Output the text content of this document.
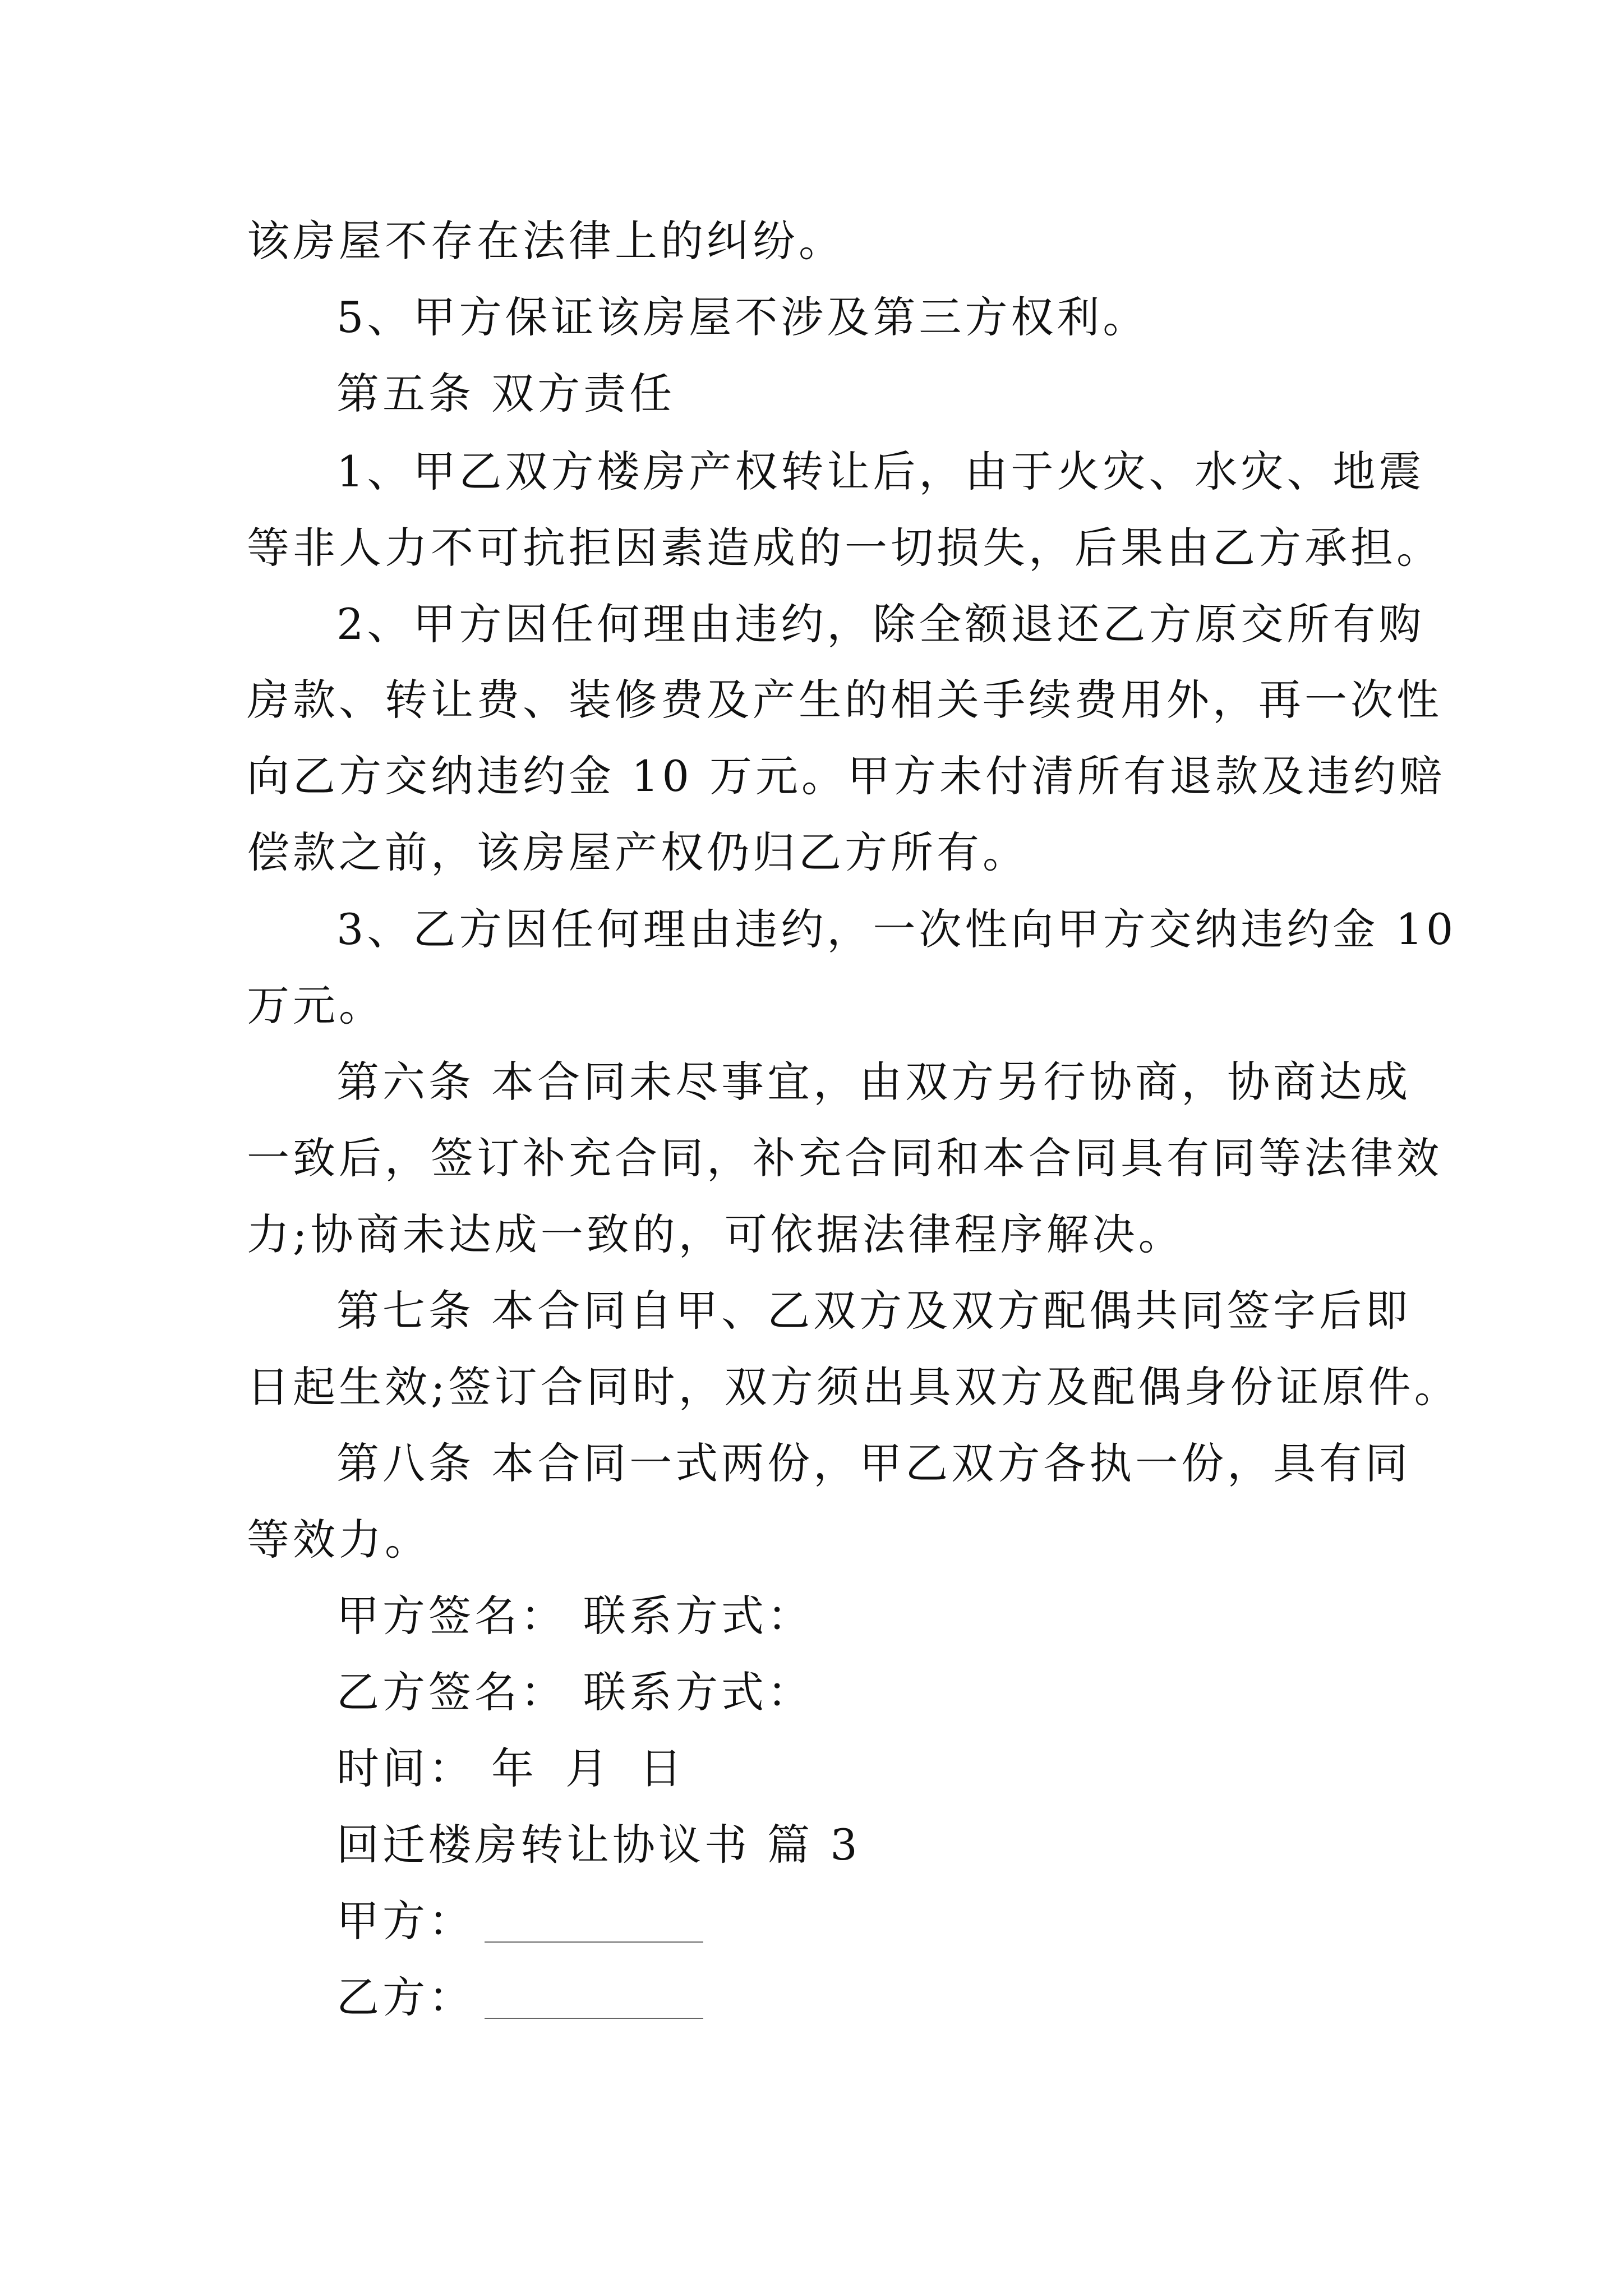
该房屋不存在法律上的纠纷。
5、甲方保证该房屋不涉及第三方权利。
第五条 双方责任
1、甲乙双方楼房产权转让后，由于火灾、水灾、地震
等非人力不可抗拒因素造成的一切损失，后果由乙方承担。
2、甲方因任何理由违约，除全额退还乙方原交所有购
房款、转让费、装修费及产生的相关手续费用外，再一次性
向乙方交纳违约金 10 万元。甲方未付清所有退款及违约赔
偿款之前，该房屋产权仍归乙方所有。
3、乙方因任何理由违约，一次性向甲方交纳违约金 10
万元。
第六条 本合同未尽事宜，由双方另行协商，协商达成
一致后，签订补充合同，补充合同和本合同具有同等法律效
力;协商未达成一致的，可依据法律程序解决。
第七条 本合同自甲、乙双方及双方配偶共同签字后即
日起生效;签订合同时，双方须出具双方及配偶身份证原件。
第八条 本合同一式两份，甲乙双方各执一份，具有同
等效力。
甲方签名： 联系方式：
乙方签名： 联系方式：
时间： 年 月 日
回迁楼房转让协议书 篇 3
甲方：
乙方：
